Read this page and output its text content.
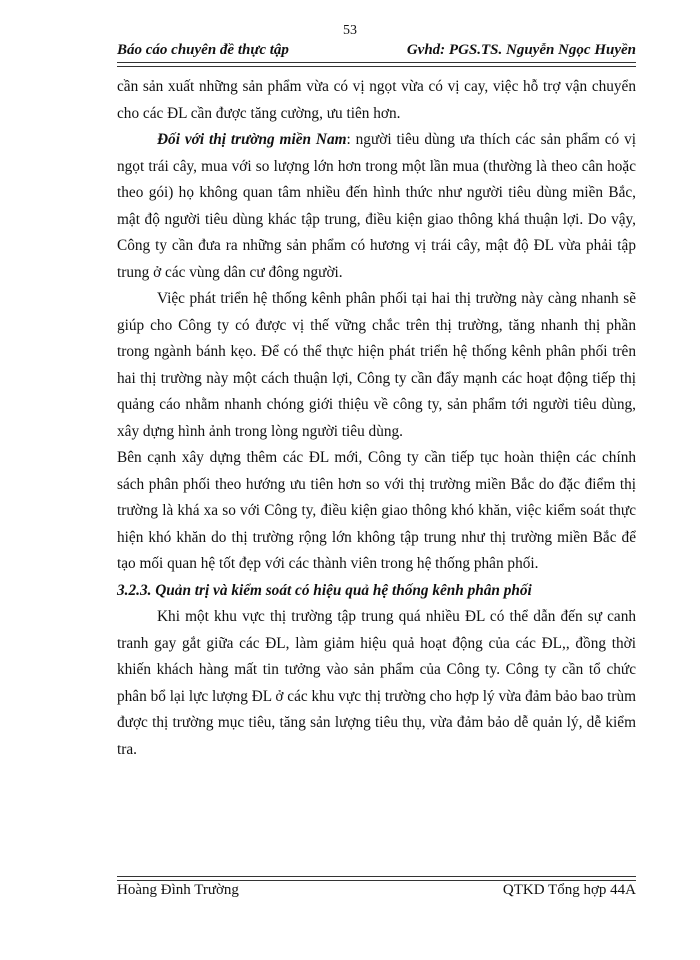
53
Báo cáo chuyên đề thực tập	Gvhd: PGS.TS. Nguyễn Ngọc Huyền

cần sản xuất những sản phẩm vừa có vị ngọt vừa có vị cay, việc hỗ trợ vận chuyển cho các ĐL cần được tăng cường, ưu tiên hơn.

Đối với thị trường miền Nam: người tiêu dùng ưa thích các sản phẩm có vị ngọt trái cây, mua với so lượng lớn hơn trong một lần mua (thường là theo cân hoặc theo gói) họ không quan tâm nhiều đến hình thức như người tiêu dùng miền Bắc, mật độ người tiêu dùng khác tập trung, điều kiện giao thông khá thuận lợi. Do vậy, Công ty cần đưa ra những sản phẩm có hương vị trái cây, mật độ ĐL vừa phải tập trung ở các vùng dân cư đông người.

Việc phát triển hệ thống kênh phân phối tại hai thị trường này càng nhanh sẽ giúp cho Công ty có được vị thế vững chắc trên thị trường, tăng nhanh thị phần trong ngành bánh kẹo. Để có thể thực hiện phát triển hệ thống kênh phân phối trên hai thị trường này một cách thuận lợi, Công ty cần đẩy mạnh các hoạt động tiếp thị quảng cáo nhằm nhanh chóng giới thiệu về công ty, sản phẩm tới người tiêu dùng, xây dựng hình ảnh trong lòng người tiêu dùng.

Bên cạnh xây dựng thêm các ĐL mới, Công ty cần tiếp tục hoàn thiện các chính sách phân phối theo hướng ưu tiên hơn so với thị trường miền Bắc do đặc điểm thị trường là khá xa so với Công ty, điều kiện giao thông khó khăn, việc kiểm soát thực hiện khó khăn do thị trường rộng lớn không tập trung như thị trường miền Bắc để tạo mối quan hệ tốt đẹp với các thành viên trong hệ thống phân phối.

3.2.3. Quản trị và kiểm soát có hiệu quả hệ thống kênh phân phối

Khi một khu vực thị trường tập trung quá nhiều ĐL có thể dẫn đến sự canh tranh gay gắt giữa các ĐL, làm giảm hiệu quả hoạt động của các ĐL,, đồng thời khiến khách hàng mất tin tưởng vào sản phẩm của Công ty. Công ty cần tổ chức phân bổ lại lực lượng ĐL ở các khu vực thị trường cho hợp lý vừa đảm bảo bao trùm được thị trường mục tiêu, tăng sản lượng tiêu thụ, vừa đảm bảo dễ quản lý, dễ kiểm tra.

Hoàng Đình Trường	QTKD Tổng hợp 44A
